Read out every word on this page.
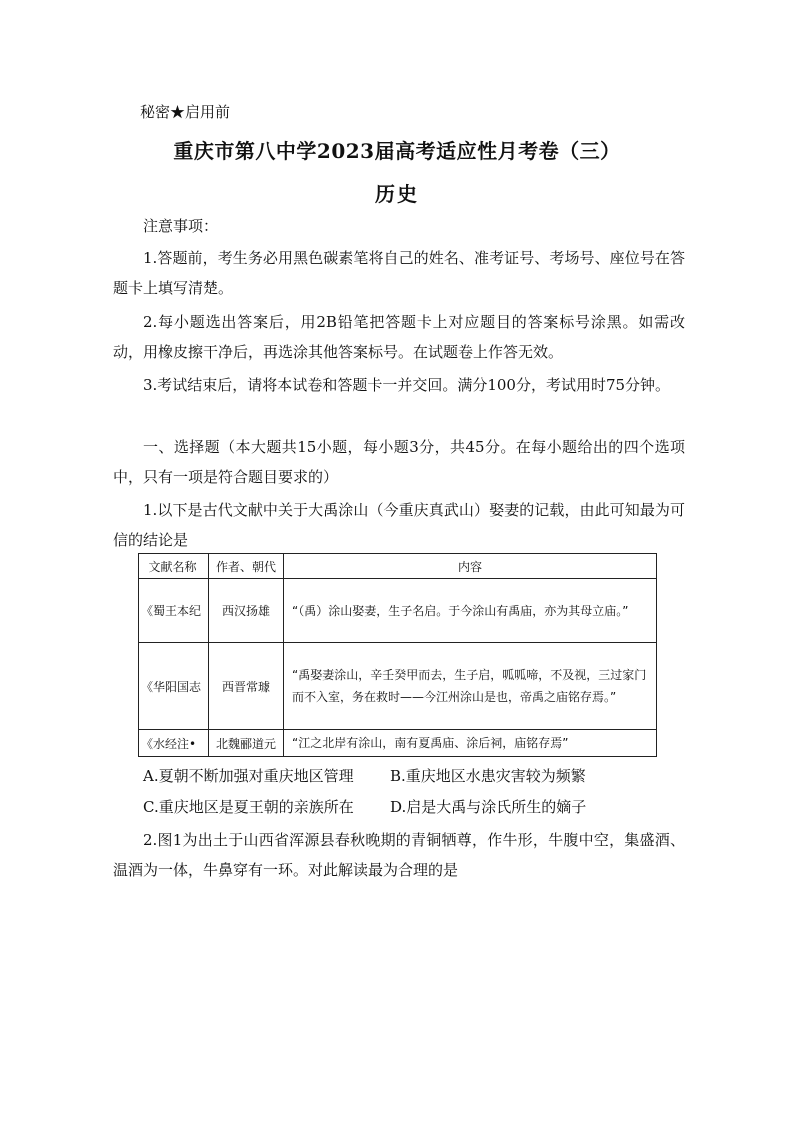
秘密★启用前
重庆市第八中学2023届高考适应性月考卷（三）
历史
注意事项：

1.答题前，考生务必用黑色碳素笔将自己的姓名、准考证号、考场号、座位号在答题卡上填写清楚。

2.每小题选出答案后，用2B铅笔把答题卡上对应题目的答案标号涂黑。如需改动，用橡皮擦干净后，再选涂其他答案标号。在试题卷上作答无效。

3.考试结束后，请将本试卷和答题卡一并交回。满分100分，考试用时75分钟。

一、选择题（本大题共15小题，每小题3分，共45分。在每小题给出的四个选项中，只有一项是符合题目要求的）

1.以下是古代文献中关于大禹涂山（今重庆真武山）娶妻的记载，由此可知最为可信的结论是

文献名称	作者、朝代	内容
《蜀王本纪	西汉扬雄	“（禹）涂山娶妻，生子名启。于今涂山有禹庙，亦为其母立庙。”
《华阳国志	西晋常璩	“禹娶妻涂山，辛壬癸甲而去，生子启，呱呱啼，不及视，三过家门而不入室，务在救时——今江州涂山是也，帝禹之庙铭存焉。”
《水经注•	北魏郦道元	“江之北岸有涂山，南有夏禹庙、涂后祠，庙铭存焉”
A.夏朝不断加强对重庆地区管理 B.重庆地区水患灾害较为频繁
C.重庆地区是夏王朝的亲族所在 D.启是大禹与涂氏所生的嫡子

2.图1为出土于山西省浑源县春秋晚期的青铜牺尊，作牛形，牛腹中空，集盛酒、温酒为一体，牛鼻穿有一环。对此解读最为合理的是
